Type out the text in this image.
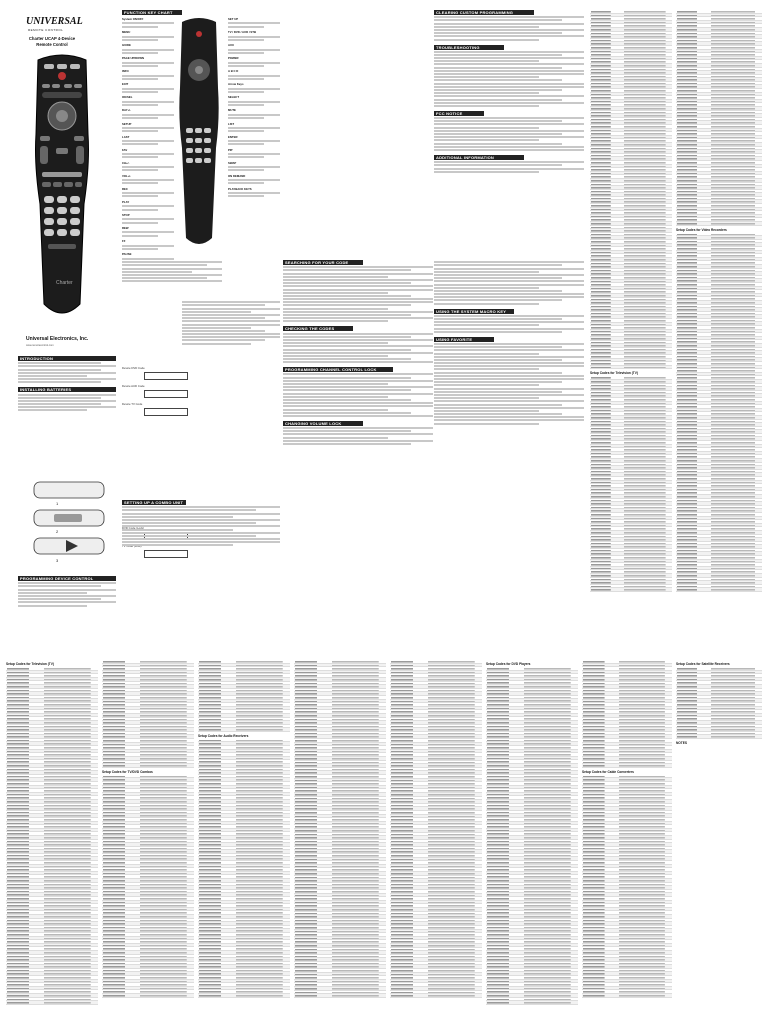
UNIVERSAL
REMOTE CONTROL
Charter UCAP 4-Device
Remote Control
Charter
Universal Electronics, Inc.
www.remotecontrol.com
INTRODUCTION
INSTALLING BATTERIES
1
2
3
PROGRAMMING DEVICE CONTROL
FUNCTION KEY CHART
System ON/OFF
MENU
GUIDE
PAGE UP/DOWN
INFO
EXIT
OK/SEL
DAY+/-
SETUP
LAST
FAV
CH+/-
VOL+/-
REC
PLAY
STOP
REW
FF
PAUSE
SET UP
TV / DVD / AUD / STB
AUX
POWER
A B C D
Arrow Keys
SELECT
MUTE
LIST
ENTER
PIP
SWAP
ON DEMAND
PLAYBACK KEYS
Device DVD Code
Device AUD Code
Device TV Code
SETTING UP A COMBO UNIT
SEARCHING FOR YOUR CODE
CHECKING THE CODES
PROGRAMMING CHANNEL CONTROL LOCK
CHANGING VOLUME LOCK
USING THE SYSTEM MACRO KEY
USING FAVORITE
CLEARING CUSTOM PROGRAMMING
TROUBLESHOOTING
FCC NOTICE
ADDITIONAL INFORMATION
Setup Codes for Television (TV)
Setup Codes for Video Recorders
Setup Codes for Television (TV)
Setup Codes for TV/DVD Combos
Setup Codes for Audio Receivers
Setup Codes for DVD Players
Setup Codes for Cable Converters
Setup Codes for Satellite Receivers
NOTES
